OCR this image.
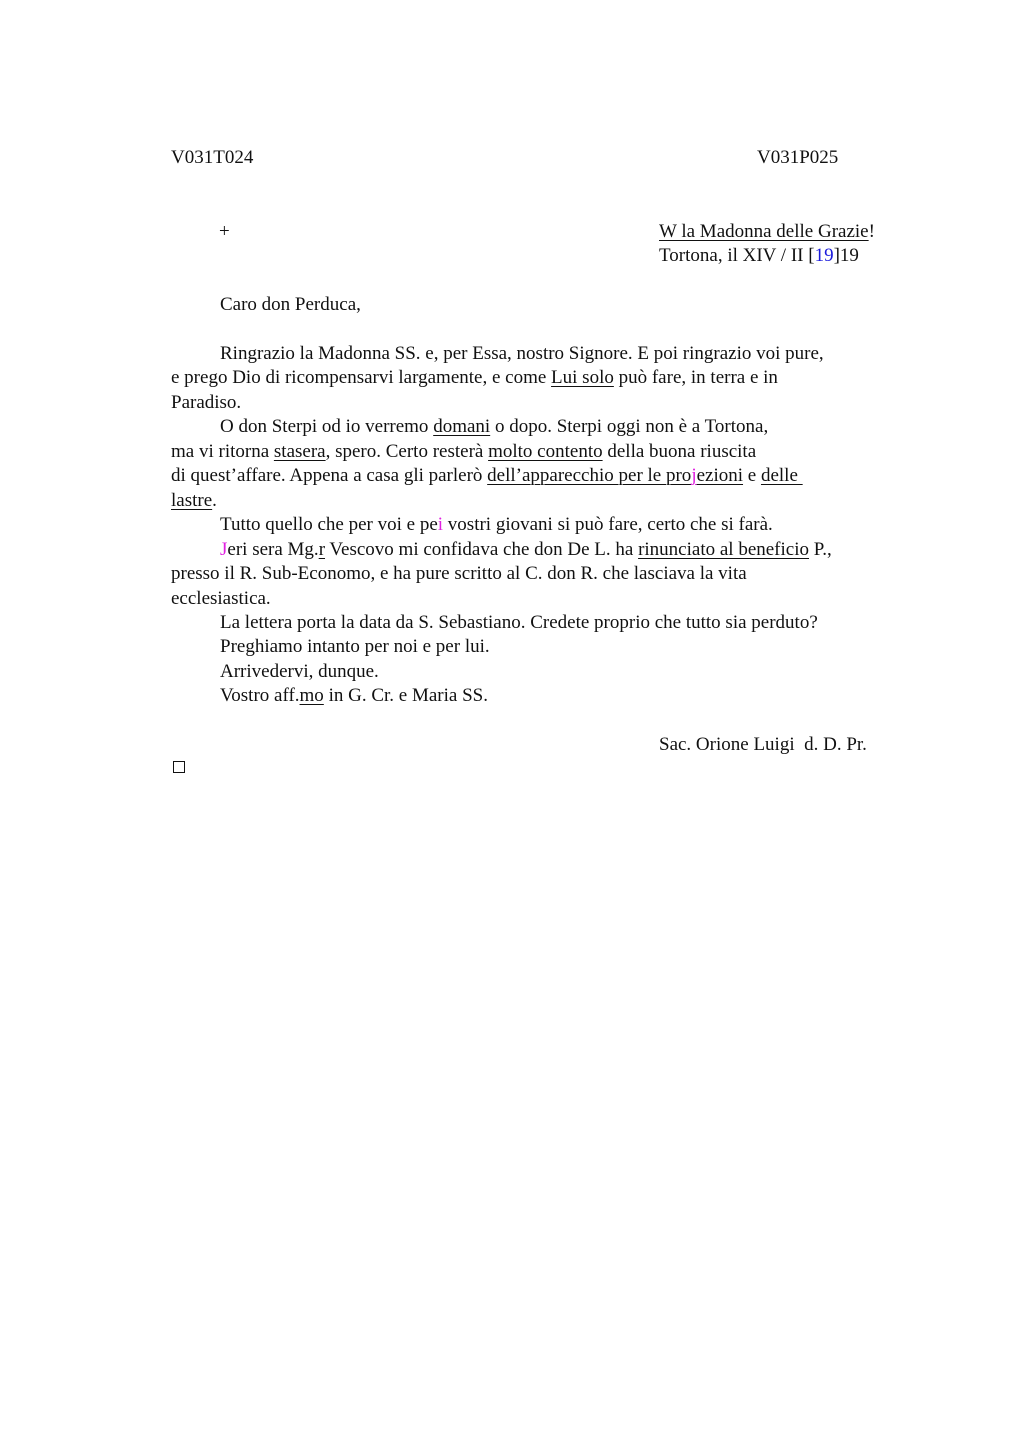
V031T024	V031P025
+	W la Madonna delle Grazie!
Tortona, il XIV / II [19]19
Caro don Perduca,
Ringrazio la Madonna SS. e, per Essa, nostro Signore. E poi ringrazio voi pure,
e prego Dio di ricompensarvi largamente, e come Lui solo può fare, in terra e in
Paradiso.
O don Sterpi od io verremo domani o dopo. Sterpi oggi non è a Tortona,
ma vi ritorna stasera, spero. Certo resterà molto contento della buona riuscita
di quest’affare. Appena a casa gli parlerò dell’apparecchio per le projezioni e delle
lastre.
Tutto quello che per voi e pei vostri giovani si può fare, certo che si farà.
Jeri sera Mg.r Vescovo mi confidava che don De L. ha rinunciato al beneficio P.,
presso il R. Sub-Economo, e ha pure scritto al C. don R. che lasciava la vita
ecclesiastica.
La lettera porta la data da S. Sebastiano. Credete proprio che tutto sia perduto?
Preghiamo intanto per noi e per lui.
Arrivedervi, dunque.
Vostro aff.mo in G. Cr. e Maria SS.
Sac. Orione Luigi  d. D. Pr.
